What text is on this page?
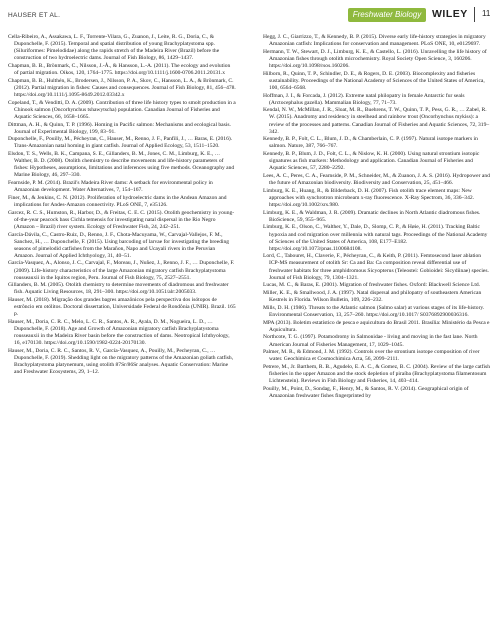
HAUSER ET AL.	Freshwater Biology	WILEY 11

Cella-Ribeiro, A., Assakawa, L. F., Torrente-Vilara, G., Zuanon, J., Leite, R. G., Doria, C., & Duponchelle, F. (2015). Temporal and spatial distribution of young Brachyplatystoma spp. (Siluriformes: Pimelodidae) along the rapids stretch of the Madeira River (Brazil) before the construction of two hydroelectric dams. Journal of Fish Biology, 86, 1429–1437.

Chapman, B. B., Brönmark, C., Nilsson, J.-Å., & Hansson, L.-A. (2011). The ecology and evolution of partial migration. Oikos, 120, 1764–1775. https://doi.org/10.1111/j.1600-0706.2011.20131.x

Chapman, B. B., Hulthén, K., Brodersen, J., Nilsson, P. A., Skov, C., Hansson, L. A., & Brönmark, C. (2012). Partial migration in fishes: Causes and consequences. Journal of Fish Biology, 81, 456–478. https://doi.org/10.1111/j.1095-8649.2012.03342.x

Copeland, T., & Venditti, D. A. (2009). Contribution of three life history types to smolt production in a Chinook salmon (Oncorhynchus tshawytscha) population. Canadian Journal of Fisheries and Aquatic Sciences, 66, 1658–1665.

Dittman, A. H., & Quinn, T. P. (1996). Homing in Pacific salmon: Mechanisms and ecological basis. Journal of Experimental Biology, 199, 83–91.

Duponchelle, F., Pouilly, M., Pécheyran, C., Hauser, M., Renno, J. F., Panfili, J., … Baras, E. (2016). Trans-Amazonian natal homing in giant catfish. Journal of Applied Ecology, 53, 1511–1520.

Elsdon, T. S., Wells, B. K., Campana, S. E., Gillanders, B. M., Jones, C. M., Limburg, K. E., … Walther, B. D. (2008). Otolith chemistry to describe movements and life-history parameters of fishes: Hypotheses, assumptions, limitations and inferences using five methods. Oceanography and Marine Biology, 46, 297–330.

Fearnside, P. M. (2014). Brazil's Madeira River dams: A setback for environmental policy in Amazonian development. Water Alternatives, 7, 154–167.

Finer, M., & Jenkins, C. N. (2012). Proliferation of hydroelectric dams in the Andean Amazon and implications for Andes-Amazon connectivity. PLoS ONE, 7, e35126.

Garcez, R. C. S., Humston, R., Harbor, D., & Freitas, C. E. C. (2015). Otolith geochemistry in young-of-the-year peacock bass Cichla temensis for investigating natal dispersal in the Rio Negro (Amazon – Brazil) river system. Ecology of Freshwater Fish, 24, 242–251.

García-Dávila, C., Castro-Ruiz, D., Renno, J. F., Chota-Macuyama, W., Carvajal-Vallejos, F. M., Sanchez, H., … Duponchelle, F. (2015). Using barcoding of larvae for investigating the breeding seasons of pimelodid catfishes from the Marañon, Napo and Ucayali rivers in the Peruvian Amazon. Journal of Applied Ichthyology, 31, 40–51.

García-Vasquez, A., Alonso, J. C., Carvajal, F., Moreau, J., Nuñez, J., Renno, J. F., … Duponchelle, F. (2009). Life-history characteristics of the large Amazonian migratory catfish Brachyplatystoma rousseauxii in the Iquitos region, Peru. Journal of Fish Biology, 75, 2527–2551.

Gillanders, B. M. (2005). Otolith chemistry to determine movements of diadromous and freshwater fish. Aquatic Living Resources, 18, 291–300. https://doi.org/10.1051/alr:2005033.

Hauser, M. (2018). Migração dos grandes bagres amazônicos pela perspectiva dos isótopos de estrôncio em otólitos. Doctoral dissertation, Universidade Federal de Rondônia (UNIR). Brazil. 165 p.

Hauser, M., Doria, C. R. C., Melo, L. C. R., Santos, A. R., Ayala, D. M., Nogueira, L. D., … Duponchelle, F. (2018). Age and Growth of Amazonian migratory catfish Brachyplatystoma rousseauxii in the Madeira River basin before the construction of dams. Neotropical Ichthyology, 16, e170130. https://doi.org/10.1590/1982-0224-20170130.

Hauser, M., Doria, C. R. C., Santos, R. V., García-Vasquez, A., Pouilly, M., Pecheyran, C., … Duponchelle, F. (2019). Shedding light on the migratory patterns of the Amazonian goliath catfish, Brachyplatystoma platynemum, using otolith 87Sr/86Sr analyses. Aquatic Conservation: Marine and Freshwater Ecosystems, 29, 1–12.

Hegg, J. C., Giarrizzo, T., & Kennedy, B. P. (2015). Diverse early life-history strategies in migratory Amazonian catfish: Implications for conservation and management. PLoS ONE, 10, e0129697.

Hermann, T. W., Stewart, D. J., Limburg, K. E., & Castello, L. (2016). Unravelling the life history of Amazonian fishes through otolith microchemistry. Royal Society Open Science, 3, 160206. https://doi.org/10.1098/rsos.160206.

Hilborn, R., Quinn, T. P., Schindler, D. E., & Rogers, D. E. (2003). Biocomplexity and fisheries sustainability. Proceedings of the National Academy of Sciences of the United States of America, 100, 6564–6568.

Hoffman, J. I., & Forcada, J. (2012). Extreme natal philopatry in female Antarctic fur seals (Arctocephalus gazella). Mammalian Biology, 77, 71–73.

Kendal, N. W., McMillan, J. R., Sloat, M. R., Buehrens, T. W., Quinn, T. P., Pess, G. R., … Zabel, R. W. (2015). Anadromy and residency in steelhead and rainbow trout (Oncorhynchus mykiss): a review of the processes and patterns. Canadian Journal of Fisheries and Aquatic Sciences, 72, 319–342.

Kennedy, B. P., Folt, C. L., Blum, J. D., & Chamberlain, C. P. (1997). Natural isotope markers in salmon. Nature, 387, 766–767.

Kennedy, B. P., Blum, J. D., Folt, C. L., & Nislow, K. H. (2000). Using natural strontium isotopic signatures as fish markers: Methodology and application. Canadian Journal of Fisheries and Aquatic Sciences, 57, 2280–2292.

Lees, A. C., Peres, C. A., Fearnside, P. M., Schneider, M., & Zuanon, J. A. S. (2016). Hydropower and the future of Amazonian biodiversity. Biodiversity and Conservation, 25, 451–466.

Limburg, K. E., Huang, R., & Bilderback, D. H. (2007). Fish otolith trace element maps: New approaches with synchrotron microbeam x-ray fluorescence. X-Ray Spectrom, 36, 336–342. https://doi.org/10.1002/xrs.980.

Limburg, K. E., & Waldman, J. R. (2009). Dramatic declines in North Atlantic diadromous fishes. BioScience, 59, 955–965.

Limburg, K. E., Olson, C., Walther, Y., Dale, D., Slomp, C. P., & Høie, H. (2011). Tracking Baltic hypoxia and cod migration over millennia with natural tags. Proceedings of the National Academy of Sciences of the United States of America, 108, E177–E182. https://doi.org/10.1073/pnas.1100684108.

Lord, C., Tabouret, H., Claverie, F., Pécheyran, C., & Keith, P. (2011). Femtosecond laser ablation ICP-MS measurement of otolith Sr: Ca and Ba: Ca composition reveal differential use of freshwater habitats for three amphidromous Sicyopterus (Teleostei: Gobioidei: Sicydiinae) species. Journal of Fish Biology, 79, 1304–1321.

Lucas, M. C., & Baras, E. (2001). Migration of freshwater fishes. Oxford: Blackwell Science Ltd.

Miller, K. E., & Smallwood, J. A. (1997). Natal dispersal and philopatry of southeastern American Kestrels in Florida. Wilson Bulletin, 109, 226–232.

Mills, D. H. (1986). Threats to the Atlantic salmon (Salmo salar) at various stages of its life-history. Environmental Conservation, 13, 257–260. https://doi.org/10.1017/ S0376892900036316.

MPA (2013). Boletim estatístico de pesca e aquicultura do Brasil 2011. Brasília: Ministério da Pesca e Aquicultura.

Northcote, T. G. (1997). Potamodromy in Salmonidae - living and moving in the fast lane. North American Journal of Fisheries Management, 17, 1029–1045.

Palmer, M. R., & Edmond, J. M. (1992). Controls over the strontium isotope composition of river water. Geochimica et Cosmochimica Acta, 56, 2099–2111.

Petrere, M., Jr. Barthem, R. B., Agudelo, E. A. C., & Gomez, B. C. (2004). Review of the large catfish fisheries in the upper Amazon and the stock depletion of piraíba (Brachyplatystoma filamentosum Lichtenstein). Reviews in Fish Biology and Fisheries, 14, 403–414.

Pouilly, M., Point, D., Sondag, F., Henry, M., & Santos, R. V. (2014). Geographical origin of Amazonian freshwater fishes fingerprinted by
